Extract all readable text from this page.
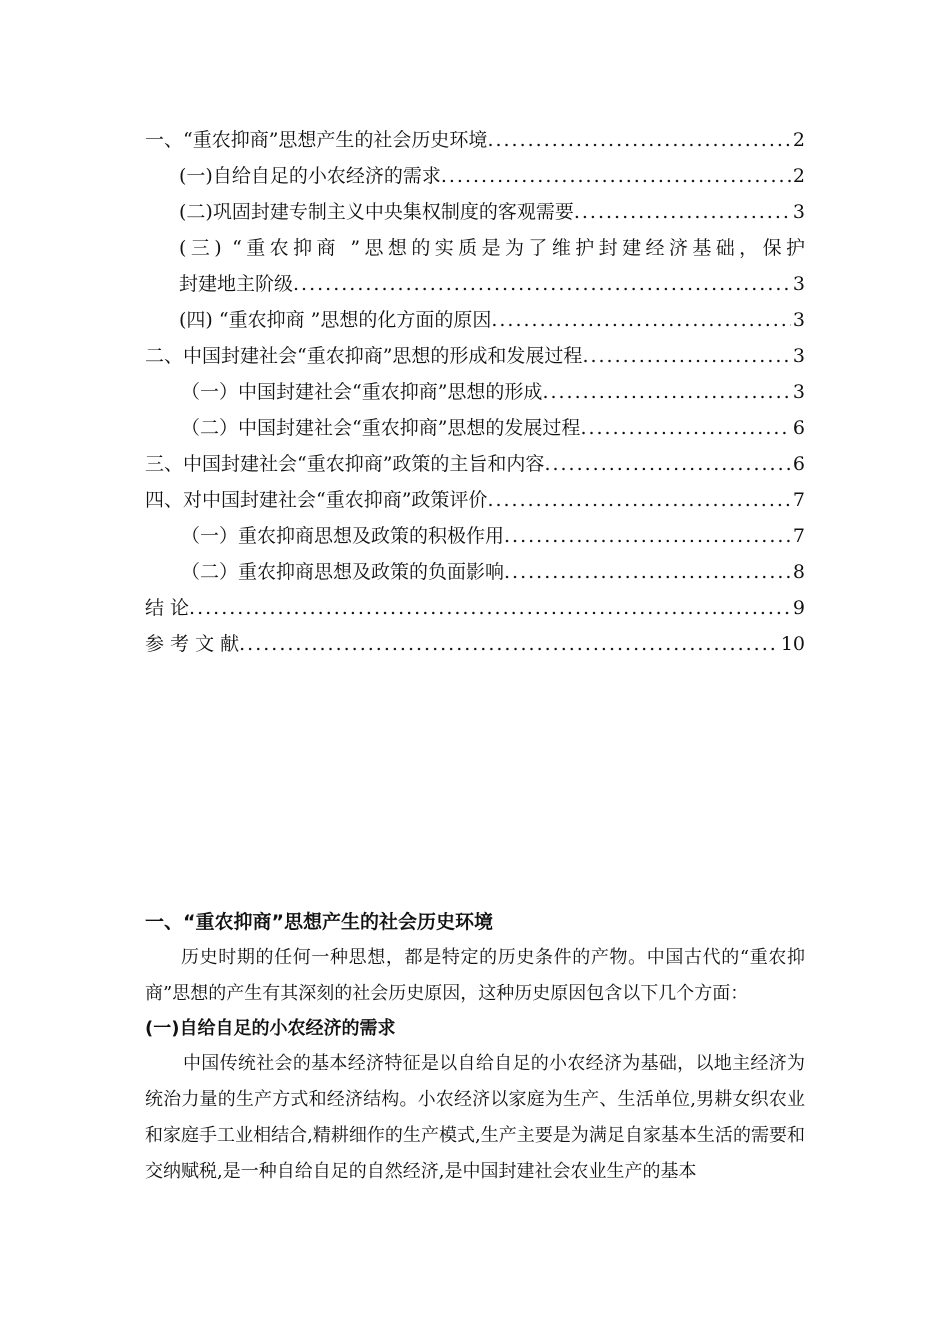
一、“重农抑商”思想产生的社会历史环境 .....	2
(一)自给自足的小农经济的需求 .....	2
(二)巩固封建专制主义中央集权制度的客观需要 .....	3
(三) “重农抑商 ”思想的实质是为了维护封建经济基础，保护
封建地主阶级 .....	3
(四) “重农抑商 ”思想的化方面的原因 .....	3
二、中国封建社会“重农抑商”思想的形成和发展过程 .....	3
（一）中国封建社会“重农抑商”思想的形成 .....	3
（二）中国封建社会“重农抑商”思想的发展过程 .....	6
三、中国封建社会“重农抑商”政策的主旨和内容 .....	6
四、对中国封建社会“重农抑商”政策评价 .....	7
（一）重农抑商思想及政策的积极作用 .....	7
（二）重农抑商思想及政策的负面影响 .....	8
结 论 .....	9
参 考 文 献 .....	10
一、“重农抑商”思想产生的社会历史环境

历史时期的任何一种思想，都是特定的历史条件的产物。中国古代的“重农抑商”思想的产生有其深刻的社会历史原因，这种历史原因包含以下几个方面：

(一)自给自足的小农经济的需求

中国传统社会的基本经济特征是以自给自足的小农经济为基础，以地主经济为统治力量的生产方式和经济结构。小农经济以家庭为生产、生活单位,男耕女织农业和家庭手工业相结合,精耕细作的生产模式,生产主要是为满足自家基本生活的需要和交纳赋税,是一种自给自足的自然经济,是中国封建社会农业生产的基本
